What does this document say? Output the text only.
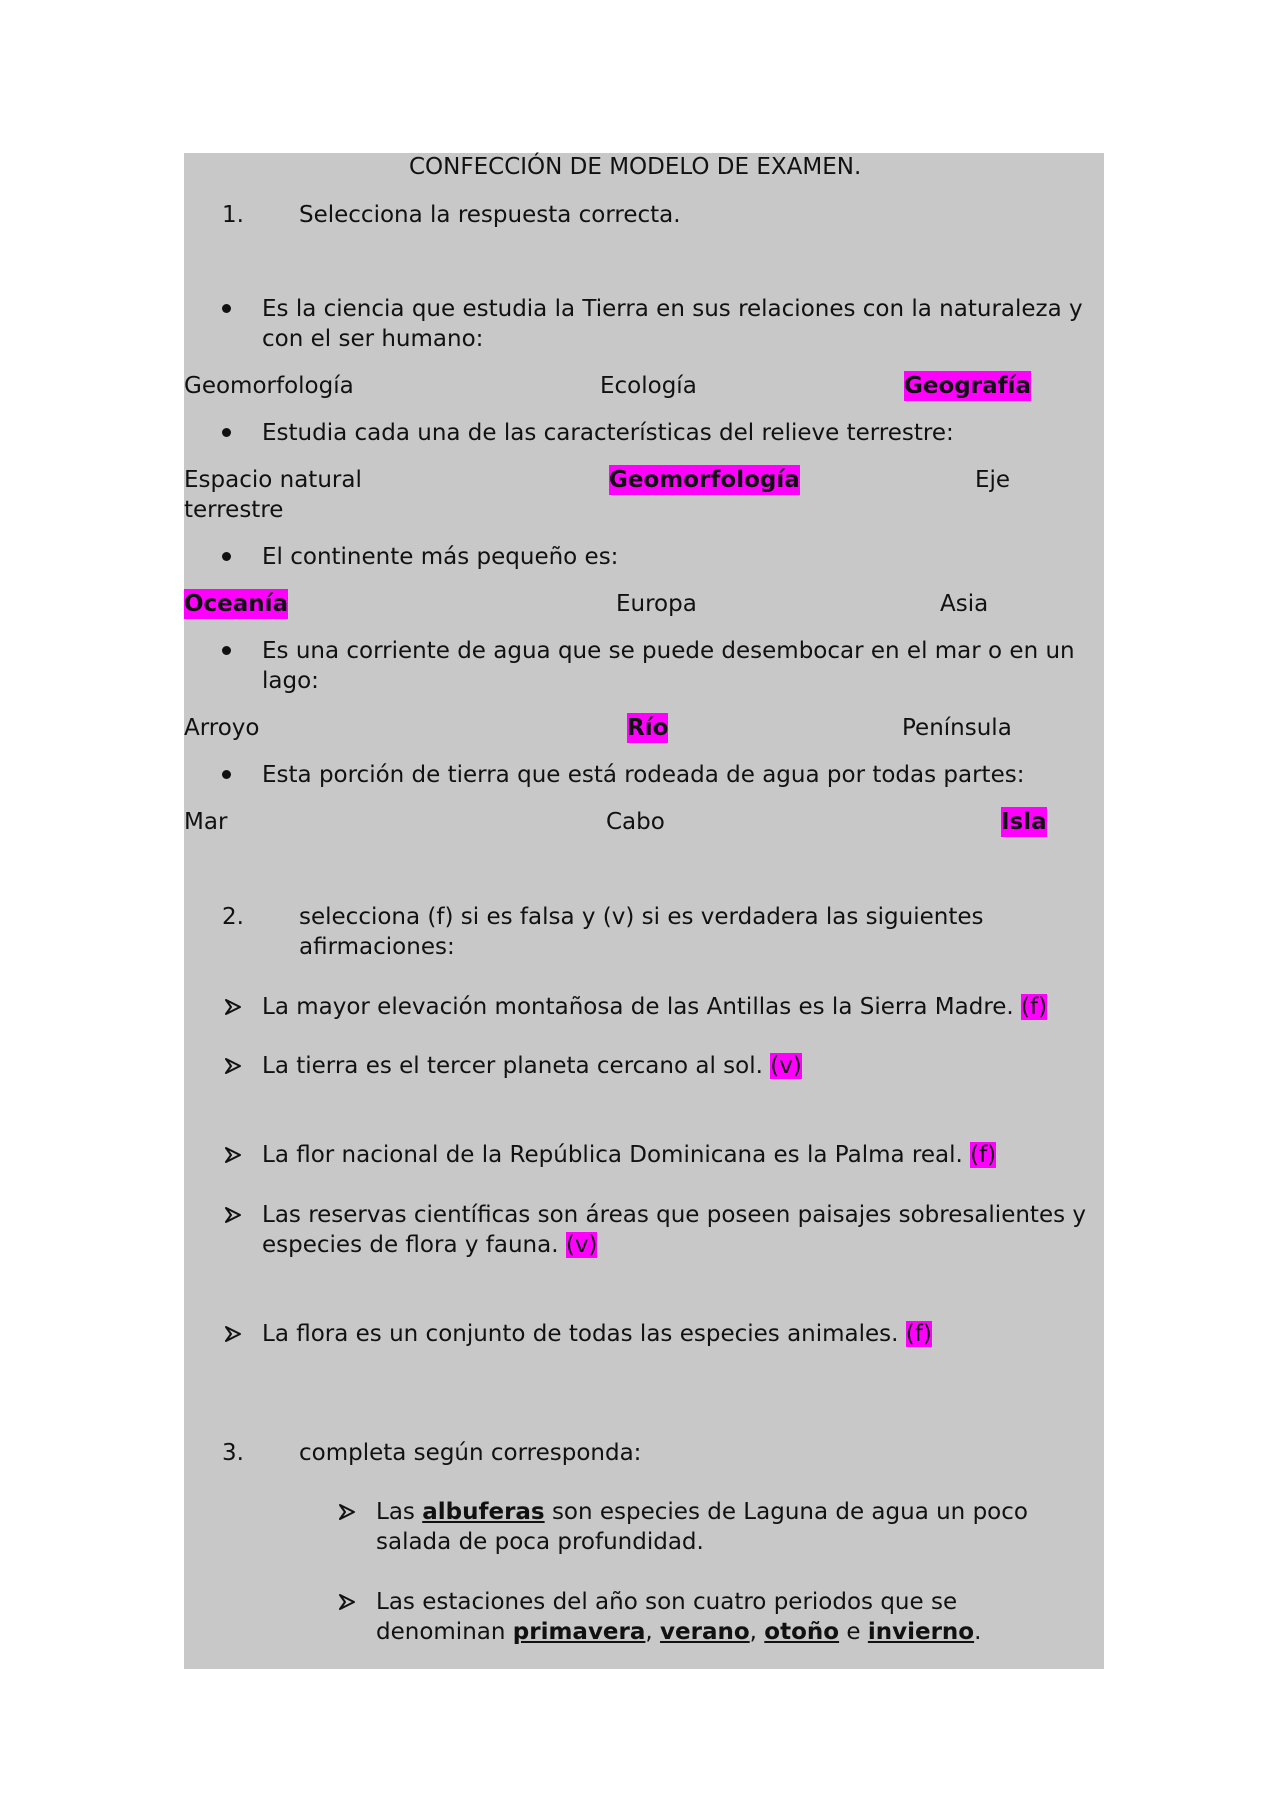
CONFECCIÓN DE MODELO DE EXAMEN.
1. Selecciona la respuesta correcta.
Es la ciencia que estudia la Tierra en sus relaciones con la naturaleza y con el ser humano:
Geomorfología	Ecología	Geografía
Estudia cada una de las características del relieve terrestre:
Espacio natural	Geomorfología	Eje
terrestre
El continente más pequeño es:
Oceanía	Europa	Asia
Es una corriente de agua que se puede desembocar en el mar o en un lago:
Arroyo	Río	Península
Esta porción de tierra que está rodeada de agua por todas partes:
Mar	Cabo	Isla
2. selecciona (f) si es falsa y (v) si es verdadera las siguientes afirmaciones:
La mayor elevación montañosa de las Antillas es la Sierra Madre. (f)
La tierra es el tercer planeta cercano al sol. (v)
La flor nacional de la República Dominicana es la Palma real. (f)
Las reservas científicas son áreas que poseen paisajes sobresalientes y especies de flora y fauna. (v)
La flora es un conjunto de todas las especies animales. (f)
3. completa según corresponda:
Las albuferas son especies de Laguna de agua un poco salada de poca profundidad.
Las estaciones del año son cuatro periodos que se denominan primavera, verano, otoño e invierno.
